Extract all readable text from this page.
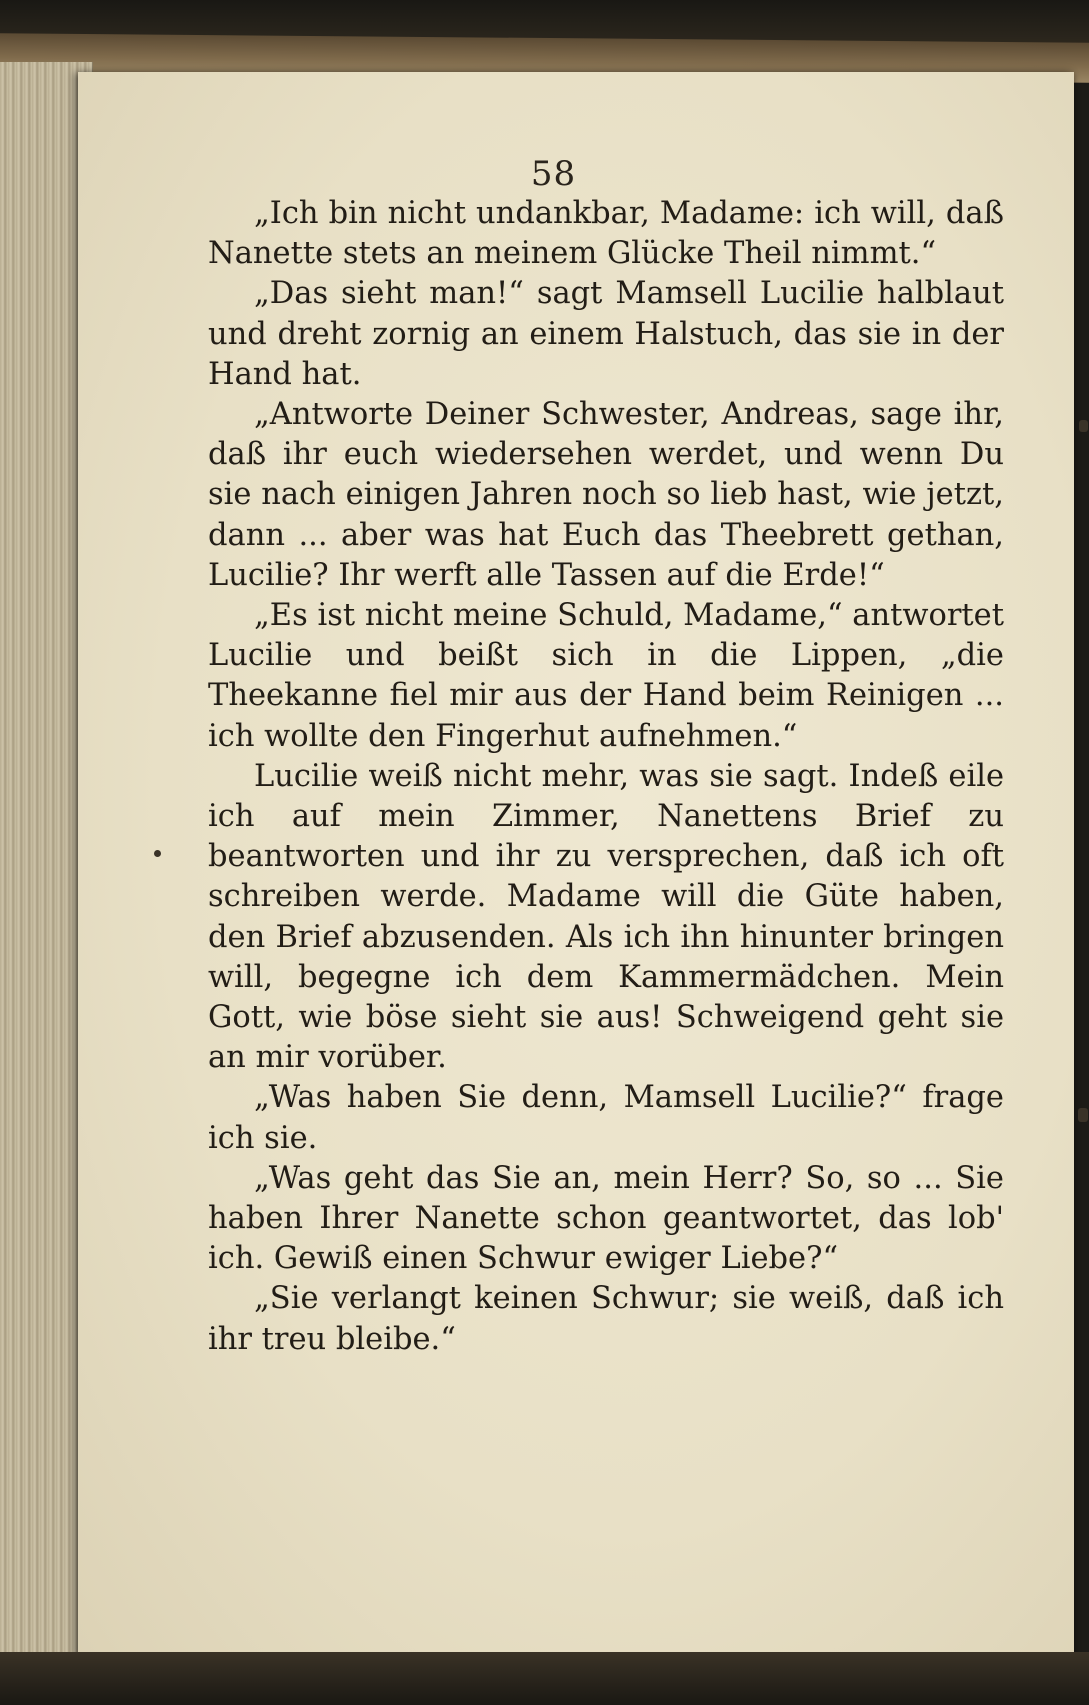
58

„Ich bin nicht undankbar, Madame: ich will, daß Nanette stets an meinem Glücke Theil nimmt.“

„Das sieht man!“ sagt Mamsell Lucilie halblaut und dreht zornig an einem Halstuch, das sie in der Hand hat.

„Antworte Deiner Schwester, Andreas, sage ihr, daß ihr euch wiedersehen werdet, und wenn Du sie nach einigen Jahren noch so lieb hast, wie jetzt, dann ... aber was hat Euch das Theebrett gethan, Lucilie? Ihr werft alle Tassen auf die Erde!“

„Es ist nicht meine Schuld, Madame,“ antwortet Lucilie und beißt sich in die Lippen, „die Theekanne fiel mir aus der Hand beim Reinigen ... ich wollte den Fingerhut aufnehmen.“

Lucilie weiß nicht mehr, was sie sagt. Indeß eile ich auf mein Zimmer, Nanettens Brief zu beantworten und ihr zu versprechen, daß ich oft schreiben werde. Madame will die Güte haben, den Brief abzusenden. Als ich ihn hinunter bringen will, begegne ich dem Kammermädchen. Mein Gott, wie böse sieht sie aus! Schweigend geht sie an mir vorüber.

„Was haben Sie denn, Mamsell Lucilie?“ frage ich sie.

„Was geht das Sie an, mein Herr? So, so ... Sie haben Ihrer Nanette schon geantwortet, das lob' ich. Gewiß einen Schwur ewiger Liebe?“

„Sie verlangt keinen Schwur; sie weiß, daß ich ihr treu bleibe.“
